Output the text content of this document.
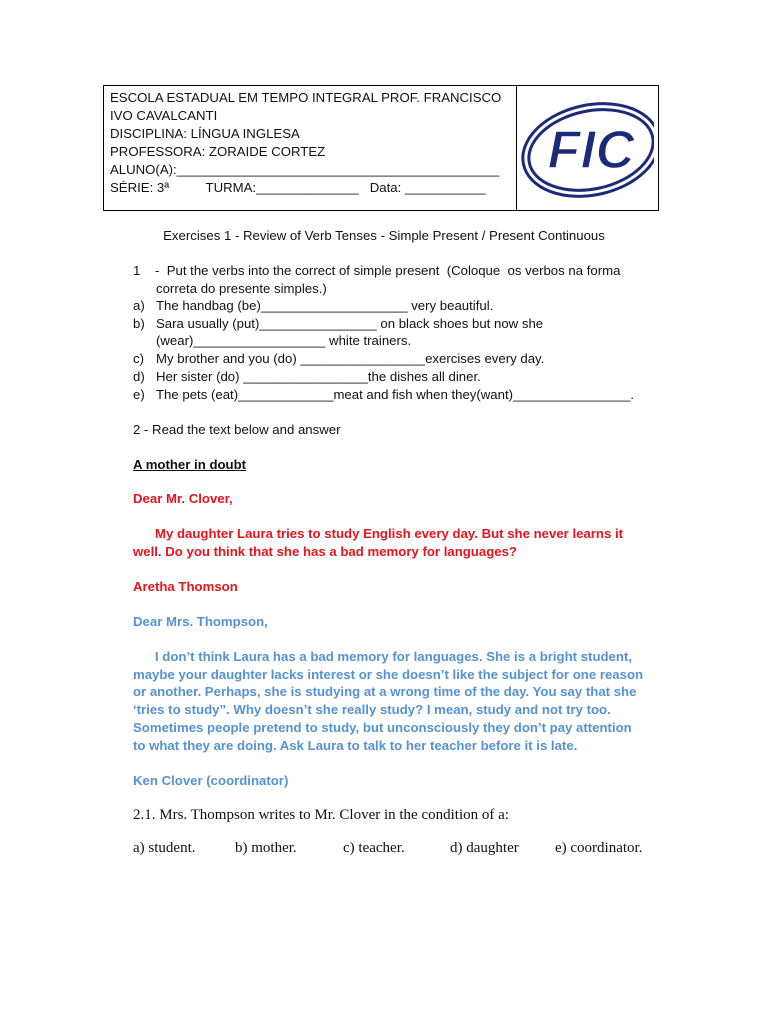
ESCOLA ESTADUAL EM TEMPO INTEGRAL PROF. FRANCISCO
IVO CAVALCANTI
DISCIPLINA: LÍNGUA INGLESA
PROFESSORA: ZORAIDE CORTEZ
ALUNO(A):____________________________________________
SÉRIE: 3ª          TURMA:______________   Data: ___________
FIC
Exercises 1 - Review of Verb Tenses - Simple Present / Present Continuous
1    -  Put the verbs into the correct of simple present  (Coloque  os verbos na forma
correta do presente simples.)
a) The handbag (be)____________________ very beautiful.
b) Sara usually (put)________________ on black shoes but now she
(wear)__________________ white trainers.
c) My brother and you (do) _________________exercises every day.
d) Her sister (do) _________________the dishes all diner.
e) The pets (eat)_____________meat and fish when they(want)________________.
2 - Read the text below and answer
A mother in doubt
Dear Mr. Clover,
My daughter Laura tries to study English every day. But she never learns it
well. Do you think that she has a bad memory for languages?
Aretha Thomson
Dear Mrs. Thompson,
I don’t think Laura has a bad memory for languages. She is a bright student,
maybe your daughter lacks interest or she doesn’t like the subject for one reason
or another. Perhaps, she is studying at a wrong time of the day. You say that she
‘tries to study”. Why doesn’t she really study? I mean, study and not try too.
Sometimes people pretend to study, but unconsciously they don’t pay attention
to what they are doing. Ask Laura to talk to her teacher before it is late.
Ken Clover (coordinator)
2.1. Mrs. Thompson writes to Mr. Clover in the condition of a:
a) student.	b) mother.	c) teacher.	d) daughter e) coordinator.
